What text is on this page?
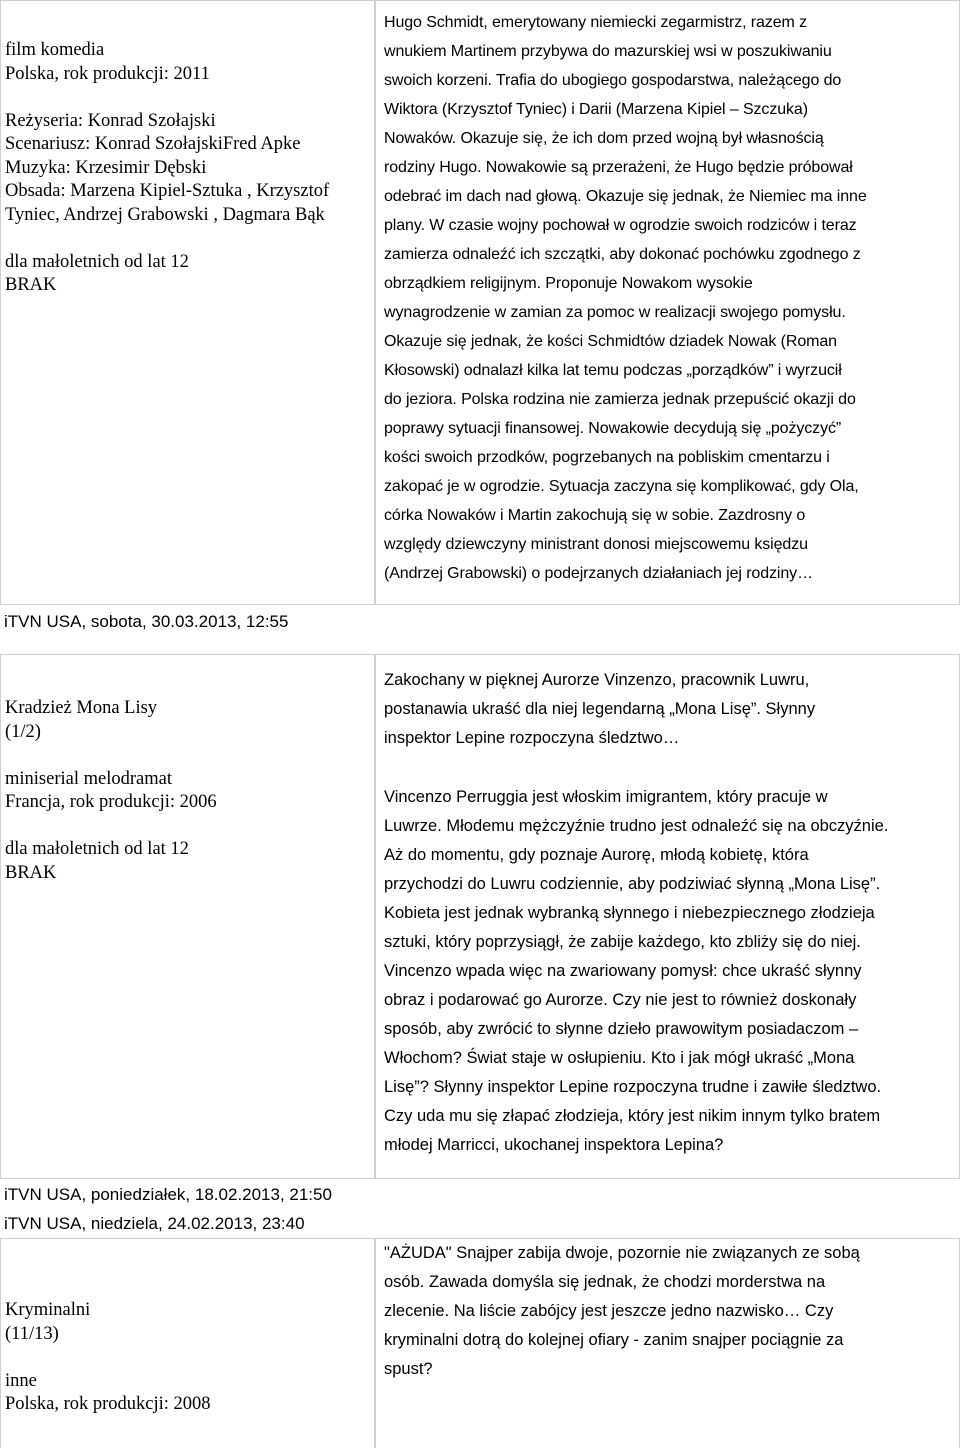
film komedia
Polska, rok produkcji: 2011
Reżyseria: Konrad Szołajski
Scenariusz: Konrad SzołajskiFred Apke
Muzyka: Krzesimir Dębski
Obsada: Marzena Kipiel-Sztuka , Krzysztof
Tyniec, Andrzej Grabowski , Dagmara Bąk
dla małoletnich od lat 12
BRAK
Hugo Schmidt, emerytowany niemiecki zegarmistrz, razem z
wnukiem Martinem przybywa do mazurskiej wsi w poszukiwaniu
swoich korzeni. Trafia do ubogiego gospodarstwa, należącego do
Wiktora (Krzysztof Tyniec) i Darii (Marzena Kipiel – Szczuka)
Nowaków. Okazuje się, że ich dom przed wojną był własnością
rodziny Hugo. Nowakowie są przerażeni, że Hugo będzie próbował
odebrać im dach nad głową. Okazuje się jednak, że Niemiec ma inne
plany. W czasie wojny pochował w ogrodzie swoich rodziców i teraz
zamierza odnaleźć ich szczątki, aby dokonać pochówku zgodnego z
obrządkiem religijnym. Proponuje Nowakom wysokie
wynagrodzenie w zamian za pomoc w realizacji swojego pomysłu.
Okazuje się jednak, że kości Schmidtów dziadek Nowak (Roman
Kłosowski) odnalazł kilka lat temu podczas „porządków” i wyrzucił
do jeziora. Polska rodzina nie zamierza jednak przepuścić okazji do
poprawy sytuacji finansowej. Nowakowie decydują się „pożyczyć”
kości swoich przodków, pogrzebanych na pobliskim cmentarzu i
zakopać je w ogrodzie. Sytuacja zaczyna się komplikować, gdy Ola,
córka Nowaków i Martin zakochują się w sobie. Zazdrosny o
względy dziewczyny ministrant donosi miejscowemu księdzu
(Andrzej Grabowski) o podejrzanych działaniach jej rodziny…
iTVN USA, sobota, 30.03.2013, 12:55
Kradzież Mona Lisy
(1/2)
miniserial melodramat
Francja, rok produkcji: 2006
dla małoletnich od lat 12
BRAK
Zakochany w pięknej Aurorze Vinzenzo, pracownik Luwru,
postanawia ukraść dla niej legendarną „Mona Lisę”. Słynny
inspektor Lepine rozpoczyna śledztwo…
Vincenzo Perruggia jest włoskim imigrantem, który pracuje w
Luwrze. Młodemu mężczyźnie trudno jest odnaleźć się na obczyźnie.
Aż do momentu, gdy poznaje Aurorę, młodą kobietę, która
przychodzi do Luwru codziennie, aby podziwiać słynną „Mona Lisę”.
Kobieta jest jednak wybranką słynnego i niebezpiecznego złodzieja
sztuki, który poprzysiągł, że zabije każdego, kto zbliży się do niej.
Vincenzo wpada więc na zwariowany pomysł: chce ukraść słynny
obraz i podarować go Aurorze. Czy nie jest to również doskonały
sposób, aby zwrócić to słynne dzieło prawowitym posiadaczom –
Włochom? Świat staje w osłupieniu. Kto i jak mógł ukraść „Mona
Lisę”? Słynny inspektor Lepine rozpoczyna trudne i zawiłe śledztwo.
Czy uda mu się złapać złodzieja, który jest nikim innym tylko bratem
młodej Marricci, ukochanej inspektora Lepina?
iTVN USA, poniedziałek, 18.02.2013, 21:50
iTVN USA, niedziela, 24.02.2013, 23:40
Kryminalni
(11/13)
inne
Polska, rok produkcji: 2008
"AŻUDA" Snajper zabija dwoje, pozornie nie związanych ze sobą
osób. Zawada domyśla się jednak, że chodzi morderstwa na
zlecenie. Na liście zabójcy jest jeszcze jedno nazwisko… Czy
kryminalni dotrą do kolejnej ofiary - zanim snajper pociągnie za
spust?
